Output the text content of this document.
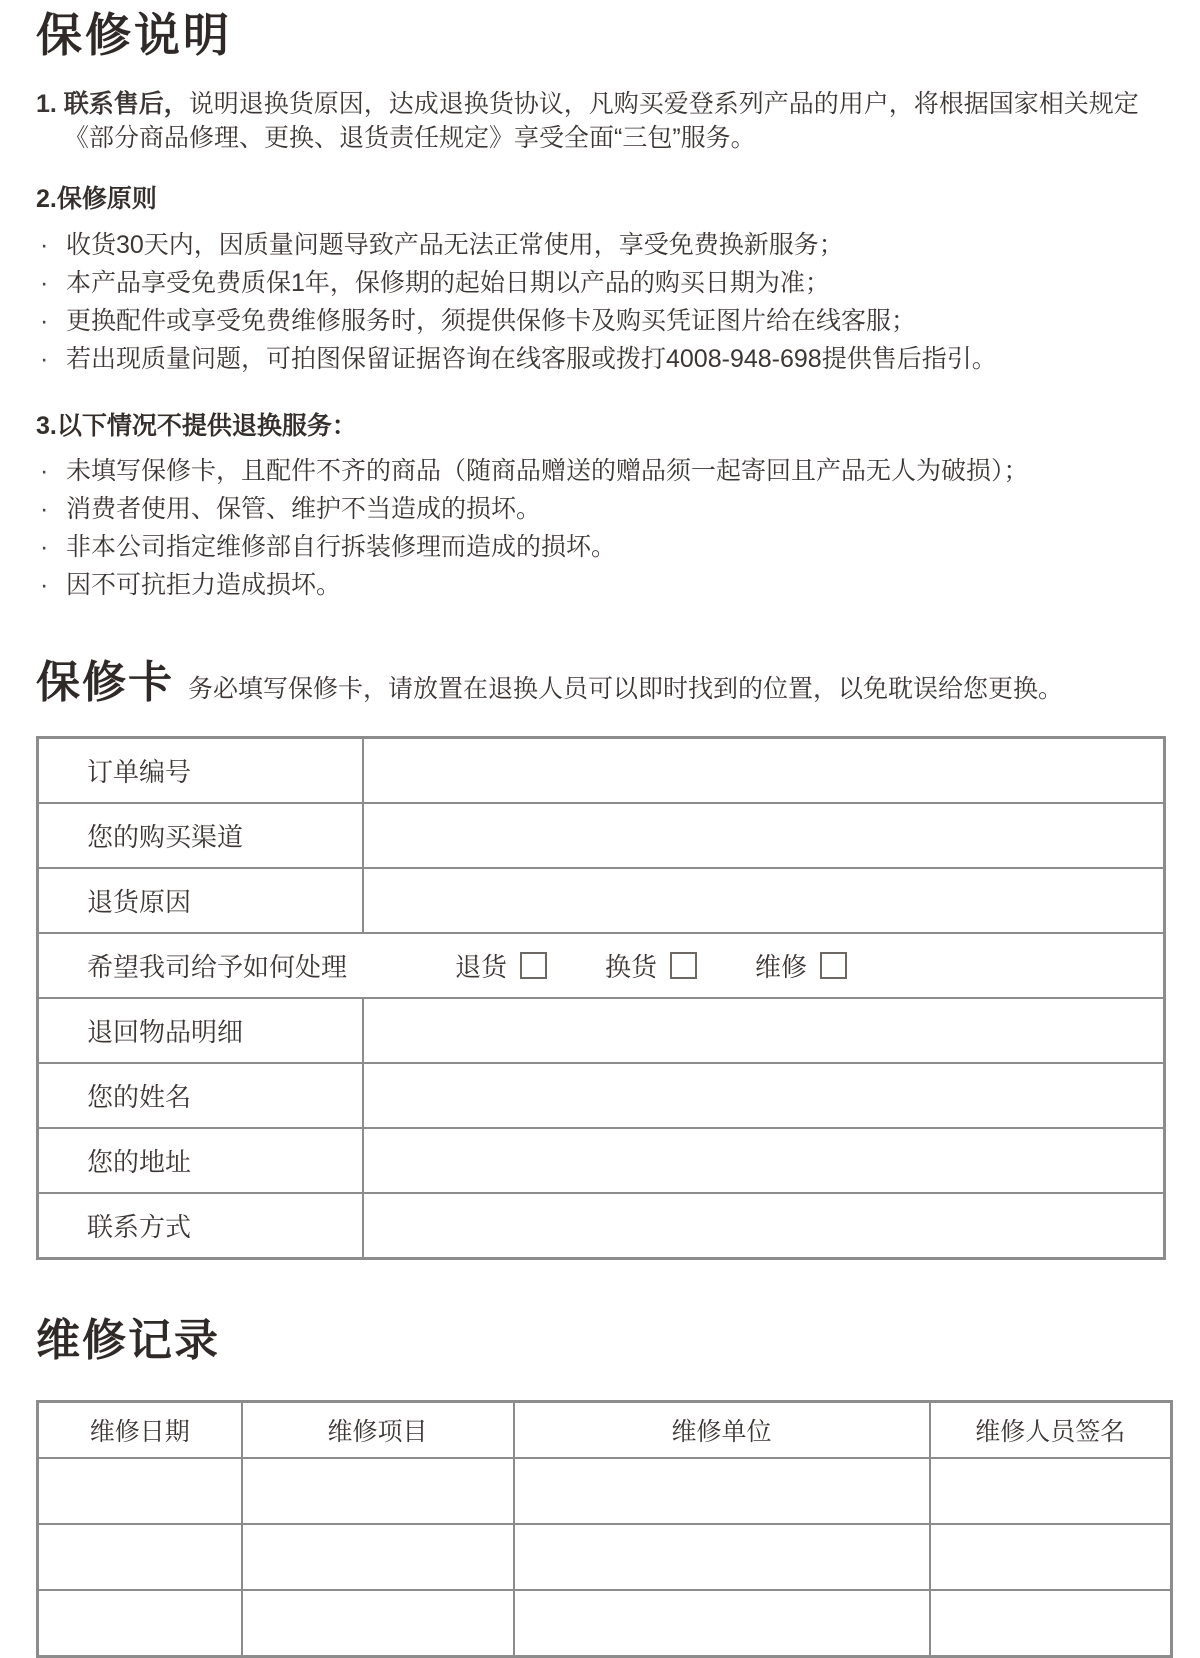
保修说明

1. 联系售后，说明退换货原因，达成退换货协议，凡购买爱登系列产品的用户，将根据国家相关规定《部分商品修理、更换、退货责任规定》享受全面“三包”服务。

2.保修原则

· 收货30天内，因质量问题导致产品无法正常使用，享受免费换新服务；

· 本产品享受免费质保1年，保修期的起始日期以产品的购买日期为准；

· 更换配件或享受免费维修服务时，须提供保修卡及购买凭证图片给在线客服；

· 若出现质量问题，可拍图保留证据咨询在线客服或拨打4008-948-698提供售后指引。

3.以下情况不提供退换服务：

· 未填写保修卡，且配件不齐的商品（随商品赠送的赠品须一起寄回且产品无人为破损）；

· 消费者使用、保管、维护不当造成的损坏。

· 非本公司指定维修部自行拆装修理而造成的损坏。

· 因不可抗拒力造成损坏。

保修卡 务必填写保修卡，请放置在退换人员可以即时找到的位置，以免耽误给您更换。
订单编号	
您的购买渠道	
退货原因	

希望我司给予如何处理 退货 换货 维修	

退回物品明细	
您的姓名	
您的地址	
联系方式	
维修记录
维修日期	维修项目	维修单位	维修人员签名
